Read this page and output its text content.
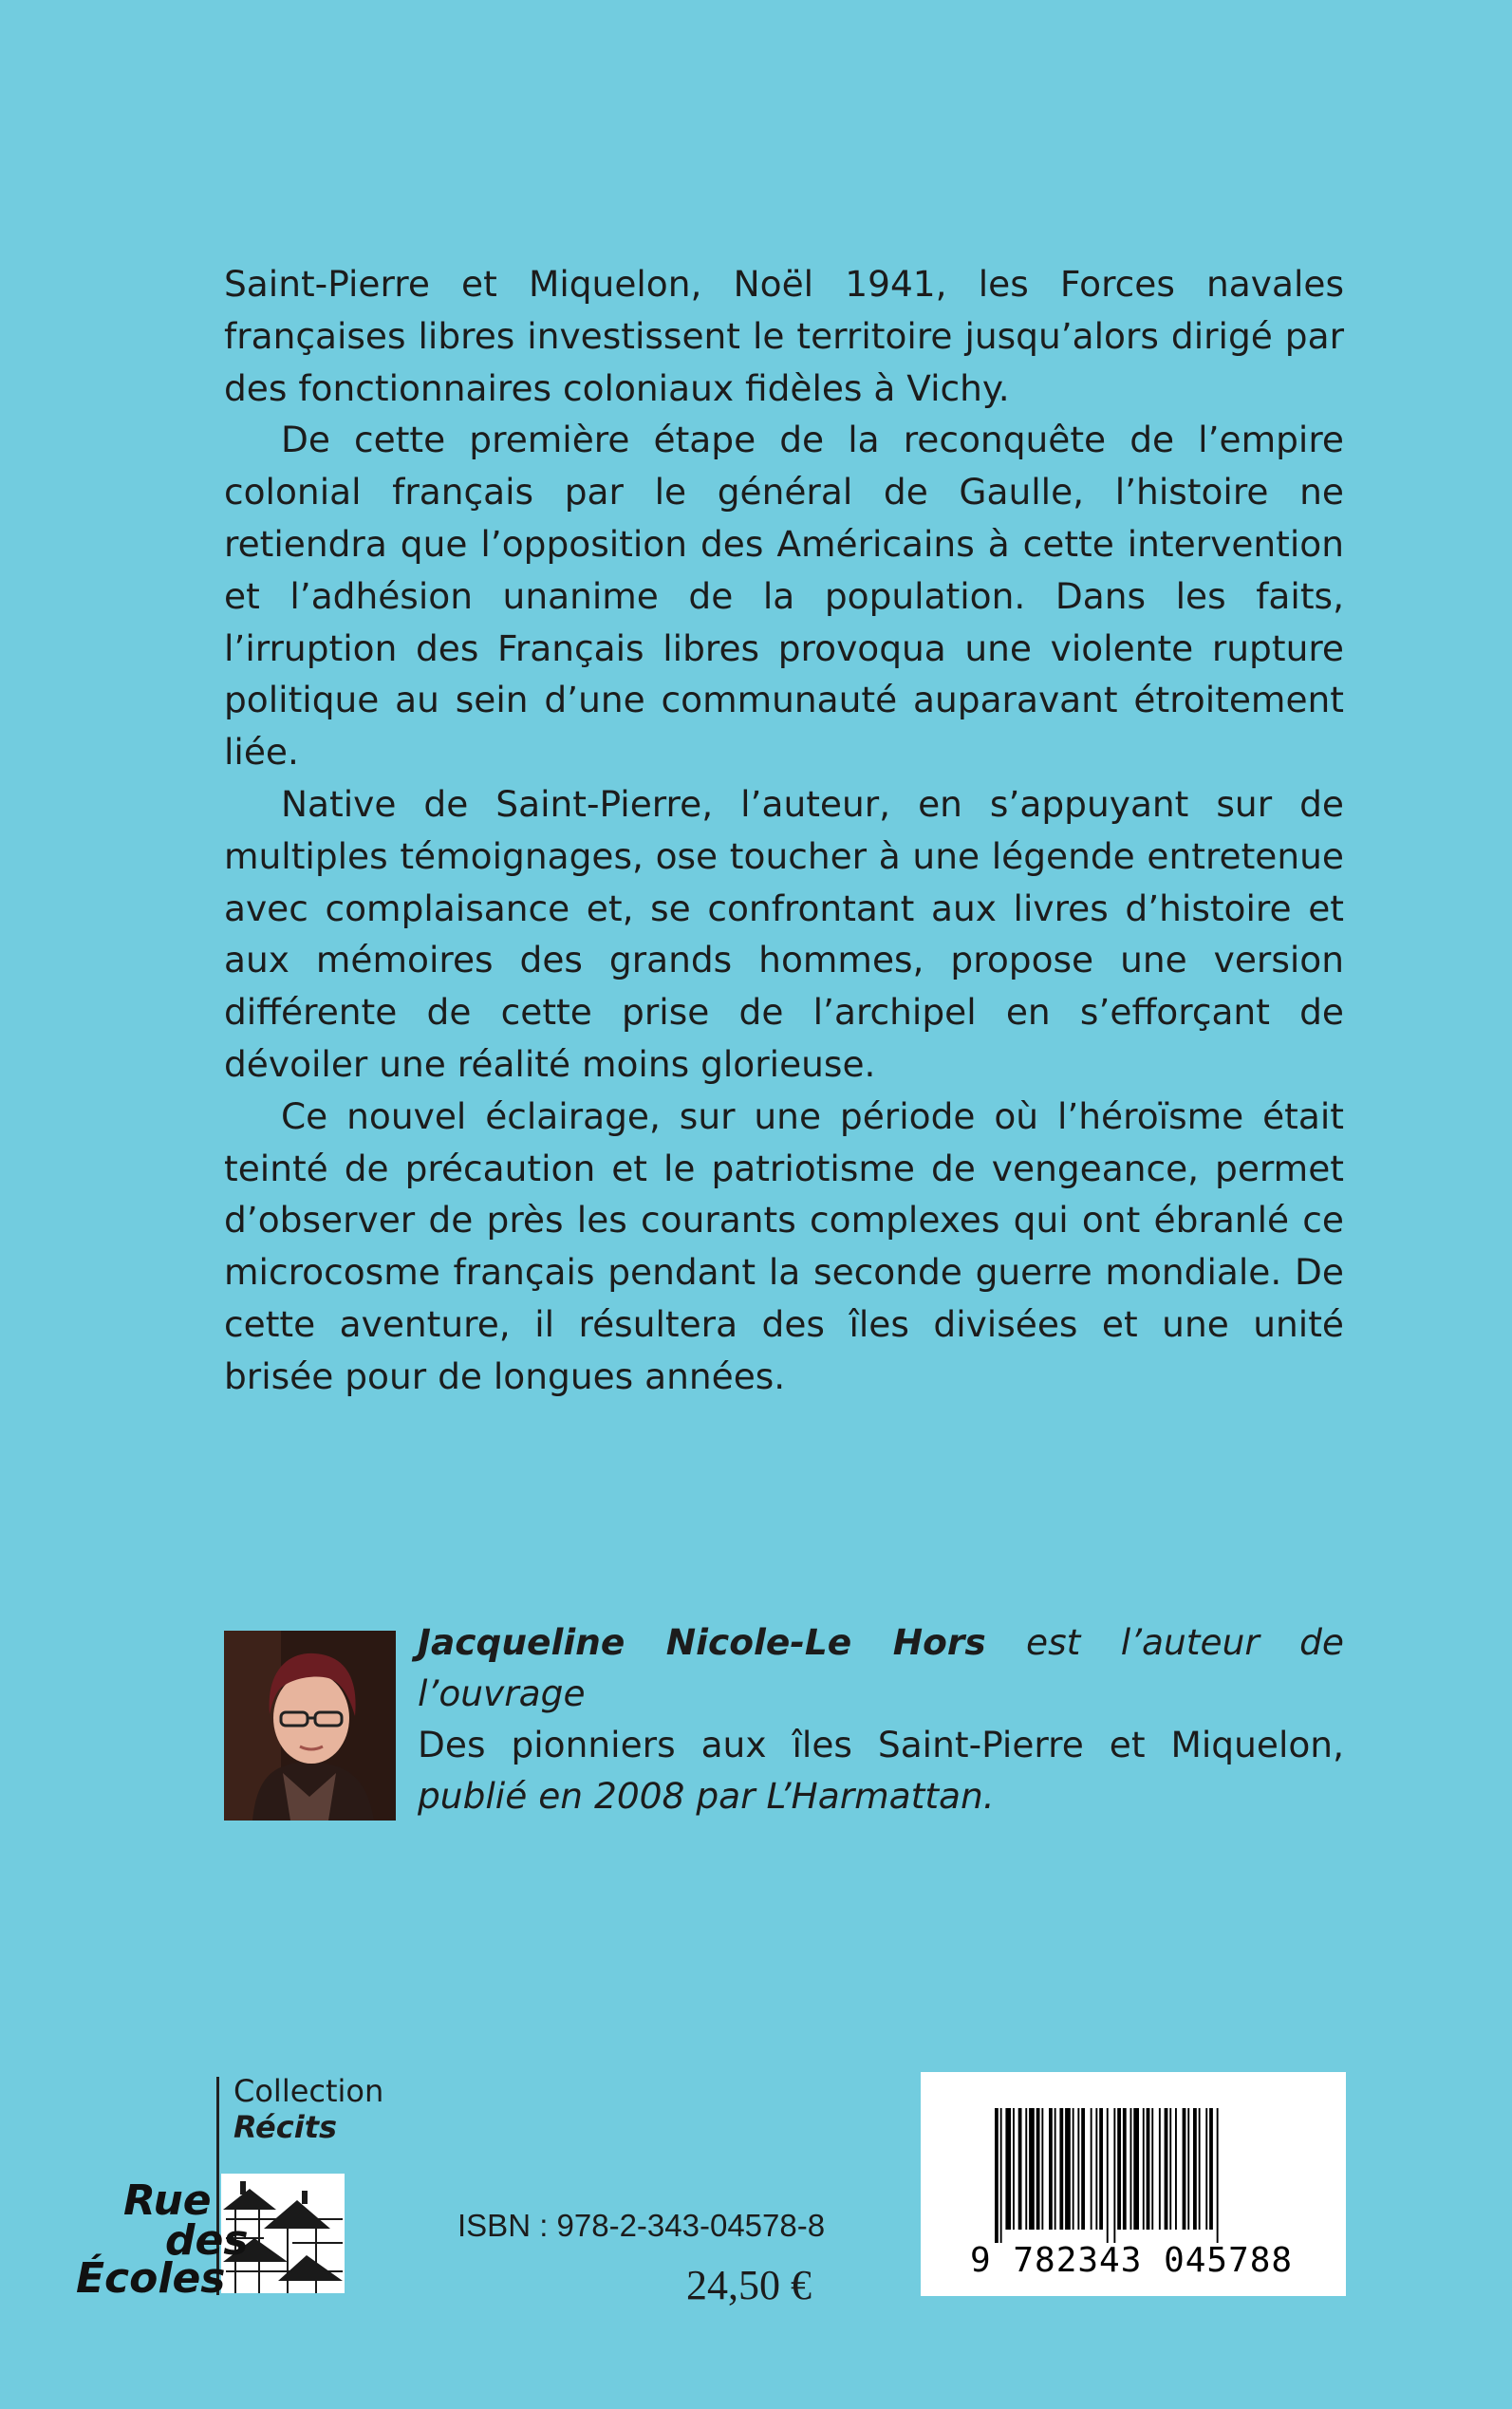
Saint-Pierre et Miquelon, Noël 1941, les Forces navales françaises libres investissent le territoire jusqu’alors dirigé par des fonctionnaires coloniaux fidèles à Vichy.

De cette première étape de la reconquête de l’empire colonial français par le général de Gaulle, l’histoire ne retiendra que l’opposition des Américains à cette intervention et l’adhésion unanime de la population. Dans les faits, l’irruption des Français libres provoqua une violente rupture politique au sein d’une communauté auparavant étroitement liée.

Native de Saint-Pierre, l’auteur, en s’appuyant sur de multiples témoignages, ose toucher à une légende entretenue avec complaisance et, se confrontant aux livres d’histoire et aux mémoires des grands hommes, propose une version différente de cette prise de l’archipel en s’efforçant de dévoiler une réalité moins glorieuse.

Ce nouvel éclairage, sur une période où l’héroïsme était teinté de précaution et le patriotisme de vengeance, permet d’observer de près les courants complexes qui ont ébranlé ce microcosme français pendant la seconde guerre mondiale. De cette aventure, il résultera des îles divisées et une unité brisée pour de longues années.

Jacqueline Nicole-Le Hors est l’auteur de l’ouvrage
Des pionniers aux îles Saint-Pierre et Miquelon,
publié en 2008 par L’Harmattan.
Collection
Récits
Rue
des
Écoles
ISBN : 978-2-343-04578-8
24,50 €
9 782343 045788
